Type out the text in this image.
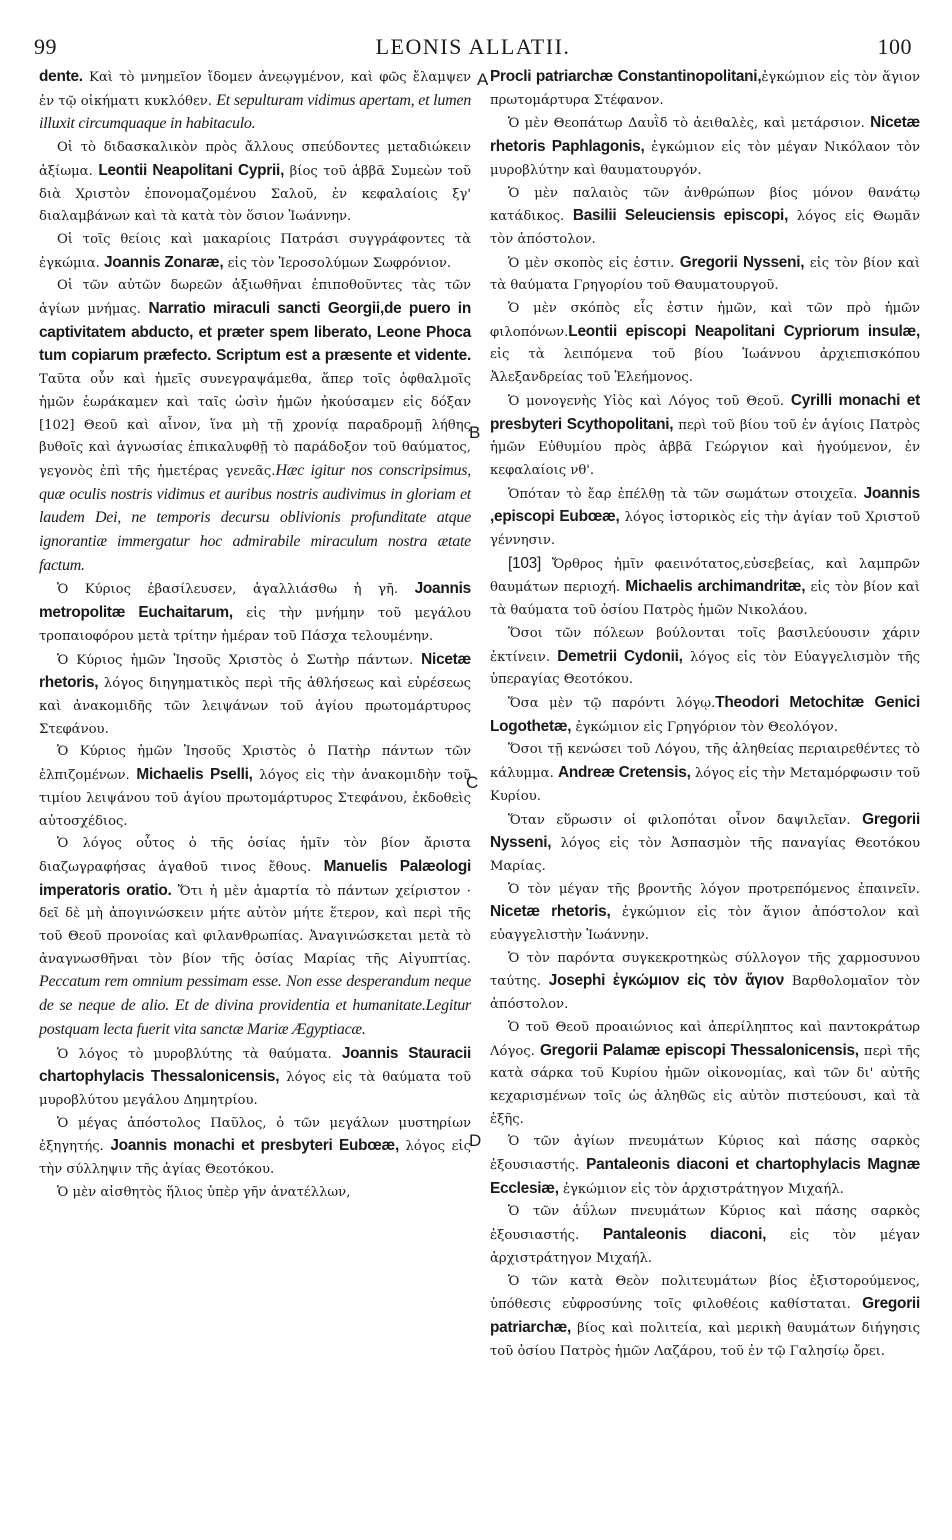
99	LEONIS ALLATII.	100
A
B
C
D

dente. Καὶ τὸ μνημεῖον ἴδομεν ἀνεῳγμένον, καὶ φῶς ἔλαμψεν ἐν τῷ οἰκήματι κυκλόθεν. Et sepulturam vidimus apertam, et lumen illuxit circumquaque in habitaculo.

Οἱ τὸ διδασκαλικὸν πρὸς ἄλλους σπεύδοντες μεταδιώκειν ἀξίωμα. Leontii Neapolitani Cyprii, βίος τοῦ ἀββᾶ Συμεὼν τοῦ διὰ Χριστὸν ἐπονομαζομένου Σαλοῦ, ἐν κεφαλαίοις ξγ' διαλαμβάνων καὶ τὰ κατὰ τὸν ὅσιον Ἰωάννην.

Οἱ τοῖς θείοις καὶ μακαρίοις Πατράσι συγγράφοντες τὰ ἐγκώμια. Joannis Zonaræ, εἰς τὸν Ἱεροσολύμων Σωφρόνιον.

Οἱ τῶν αὐτῶν δωρεῶν ἀξιωθῆναι ἐπιποθοῦντες τὰς τῶν ἁγίων μνήμας. Narratio miraculi sancti Georgii,de puero in captivitatem abducto, et præter spem liberato, Leone Phoca tum copiarum præfecto. Scriptum est a præsente et vidente. Ταῦτα οὖν καὶ ἡμεῖς συνεγραψάμεθα, ἅπερ τοῖς ὀφθαλμοῖς ἡμῶν ἑωράκαμεν καὶ ταῖς ὠσὶν ἡμῶν ἠκούσαμεν εἰς δόξαν [102] Θεοῦ καὶ αἶνον, ἵνα μὴ τῇ χρονίᾳ παραδρομῇ λήθης βυθοῖς καὶ ἀγνωσίας ἐπικαλυφθῇ τὸ παράδοξον τοῦ θαύματος, γεγονὸς ἐπὶ τῆς ἡμετέρας γενεᾶς.Hæc igitur nos conscripsimus, quæ oculis nostris vidimus et auribus nostris audivimus in gloriam et laudem Dei, ne temporis decursu oblivionis profunditate atque ignorantiæ immergatur hoc admirabile miraculum nostra ætate factum.

Ὁ Κύριος ἐβασίλευσεν, ἀγαλλιάσθω ἡ γῆ. Joannis metropolitæ Euchaitarum, εἰς τὴν μνήμην τοῦ μεγάλου τροπαιοφόρου μετὰ τρίτην ἡμέραν τοῦ Πάσχα τελουμένην.

Ὁ Κύριος ἡμῶν Ἰησοῦς Χριστὸς ὁ Σωτὴρ πάντων. Nicetæ rhetoris, λόγος διηγηματικὸς περὶ τῆς ἀθλήσεως καὶ εὑρέσεως καὶ ἀνακομιδῆς τῶν λειψάνων τοῦ ἁγίου πρωτομάρτυρος Στεφάνου.

Ὁ Κύριος ἡμῶν Ἰησοῦς Χριστὸς ὁ Πατὴρ πάντων τῶν ἐλπιζομένων. Michaelis Pselli, λόγος εἰς τὴν ἀνακομιδὴν τοῦ τιμίου λειψάνου τοῦ ἁγίου πρωτομάρτυρος Στεφάνου, ἐκδοθεὶς αὐτοσχέδιος.

Ὁ λόγος οὗτος ὁ τῆς ὁσίας ἡμῖν τὸν βίον ἄριστα διαζωγραφήσας ἀγαθοῦ τινος ἔθους. Manuelis Palæologi imperatoris oratio. Ὅτι ἡ μὲν ἁμαρτία τὸ πάντων χείριστον · δεῖ δὲ μὴ ἀπογινώσκειν μήτε αὐτὸν μήτε ἕτερον, καὶ περὶ τῆς τοῦ Θεοῦ προνοίας καὶ φιλανθρωπίας. Ἀναγινώσκεται μετὰ τὸ ἀναγνωσθῆναι τὸν βίον τῆς ὁσίας Μαρίας τῆς Αἰγυπτίας. Peccatum rem omnium pessimam esse. Non esse desperandum neque de se neque de alio. Et de divina providentia et humanitate.Legitur postquam lecta fuerit vita sanctæ Mariæ Ægyptiacæ.

Ὁ λόγος τὸ μυροβλύτης τὰ θαύματα. Joannis Stauracii chartophylacis Thessalonicensis, λόγος εἰς τὰ θαύματα τοῦ μυροβλύτου μεγάλου Δημητρίου.

Ὁ μέγας ἀπόστολος Παῦλος, ὁ τῶν μεγάλων μυστηρίων ἐξηγητής. Joannis monachi et presbyteri Eubœæ, λόγος εἰς τὴν σύλληψιν τῆς ἁγίας Θεοτόκου.

Ὁ μὲν αἰσθητὸς ἥλιος ὑπὲρ γῆν ἀνατέλλων,

Procli patriarchæ Constantinopolitani,ἐγκώμιον εἰς τὸν ἅγιον πρωτομάρτυρα Στέφανον.

Ὁ μὲν Θεοπάτωρ Δαυῒδ τὸ ἀειθαλὲς, καὶ μετάρσιον. Nicetæ rhetoris Paphlagonis, ἐγκώμιον εἰς τὸν μέγαν Νικόλαον τὸν μυροβλύτην καὶ θαυματουργόν.

Ὁ μὲν παλαιὸς τῶν ἀνθρώπων βίος μόνον θανάτῳ κατάδικος. Basilii Seleuciensis episcopi, λόγος εἰς Θωμᾶν τὸν ἀπόστολον.

Ὁ μὲν σκοπὸς εἰς ἐστιν. Gregorii Nysseni, εἰς τὸν βίον καὶ τὰ θαύματα Γρηγορίου τοῦ Θαυματουργοῦ.

Ὁ μὲν σκόπὸς εἷς ἐστιν ἡμῶν, καὶ τῶν πρὸ ἡμῶν φιλοπόνων.Leontii episcopi Neapolitani Cypriorum insulæ, εἰς τὰ λειπόμενα τοῦ βίου Ἰωάννου ἀρχιεπισκόπου Ἀλεξανδρείας τοῦ Ἐλεήμονος.

Ὁ μονογενὴς Υἱὸς καὶ Λόγος τοῦ Θεοῦ. Cyrilli monachi et presbyteri Scythopolitani, περὶ τοῦ βίου τοῦ ἐν ἁγίοις Πατρὸς ἡμῶν Εὐθυμίου πρὸς ἀββᾶ Γεώργιον καὶ ἡγούμενον, ἐν κεφαλαίοις νθ'.

Ὁπόταν τὸ ἔαρ ἐπέλθῃ τὰ τῶν σωμάτων στοιχεῖα. Joannis ,episcopi Eubœæ, λόγος ἱστορικὸς εἰς τὴν ἁγίαν τοῦ Χριστοῦ γέννησιν.

[103] Ὄρθρος ἡμῖν φαεινότατος,εὐσεβείας, καὶ λαμπρῶν θαυμάτων περιοχή. Michaelis archimandritæ, εἰς τὸν βίον καὶ τὰ θαύματα τοῦ ὁσίου Πατρὸς ἡμῶν Νικολάου.

Ὅσοι τῶν πόλεων βούλονται τοῖς βασιλεύουσιν χάριν ἐκτίνειν. Demetrii Cydonii, λόγος εἰς τὸν Εὐαγγελισμὸν τῆς ὑπεραγίας Θεοτόκου.

Ὅσα μὲν τῷ παρόντι λόγῳ.Theodori Metochitæ Genici Logothetæ, ἐγκώμιον εἰς Γρηγόριον τὸν Θεολόγον.

Ὅσοι τῇ κενώσει τοῦ Λόγου, τῆς ἀληθείας περιαιρεθέντες τὸ κάλυμμα. Andreæ Cretensis, λόγος εἰς τὴν Μεταμόρφωσιν τοῦ Κυρίου.

Ὅταν εὕρωσιν οἱ φιλοπόται οἶνον δαψιλεῖαν. Gregorii Nysseni, λόγος εἰς τὸν Ἀσπασμὸν τῆς παναγίας Θεοτόκου Μαρίας.

Ὁ τὸν μέγαν τῆς βροντῆς λόγον προτρεπόμενος ἐπαινεῖν. Nicetæ rhetoris, ἐγκώμιον εἰς τὸν ἅγιον ἀπόστολον καὶ εὐαγγελιστὴν Ἰωάννην.

Ὁ τὸν παρόντα συγκεκροτηκὼς σύλλογον τῆς χαρμοσυνου ταύτης. Josephi ἐγκώμιον εἰς τὸν ἅγιον Βαρθολομαῖον τὸν ἀπόστολον.

Ὁ τοῦ Θεοῦ προαιώνιος καὶ ἀπερίληπτος καὶ παντοκράτωρ Λόγος. Gregorii Palamæ episcopi Thessalonicensis, περὶ τῆς κατὰ σάρκα τοῦ Κυρίου ἡμῶν οἰκονομίας, καὶ τῶν δι' αὐτῆς κεχαρισμένων τοῖς ὡς ἀληθῶς εἰς αὐτὸν πιστεύουσι, καὶ τὰ ἑξῆς.

Ὁ τῶν ἁγίων πνευμάτων Κύριος καὶ πάσης σαρκὸς ἐξουσιαστής. Pantaleonis diaconi et chartophylacis Magnæ Ecclesiæ, ἐγκώμιον εἰς τὸν ἀρχιστράτηγον Μιχαήλ.

Ὁ τῶν ἀΰλων πνευμάτων Κύριος καὶ πάσης σαρκὸς ἐξουσιαστής. Pantaleonis diaconi, εἰς τὸν μέγαν ἀρχιστράτηγον Μιχαήλ.

Ὁ τῶν κατὰ Θεὸν πολιτευμάτων βίος ἐξιστορούμενος, ὑπόθεσις εὐφροσύνης τοῖς φιλοθέοις καθίσταται. Gregorii patriarchæ, βίος καὶ πολιτεία, καὶ μερικὴ θαυμάτων διήγησις τοῦ ὁσίου Πατρὸς ἡμῶν Λαζάρου, τοῦ ἐν τῷ Γαλησίῳ ὄρει.
